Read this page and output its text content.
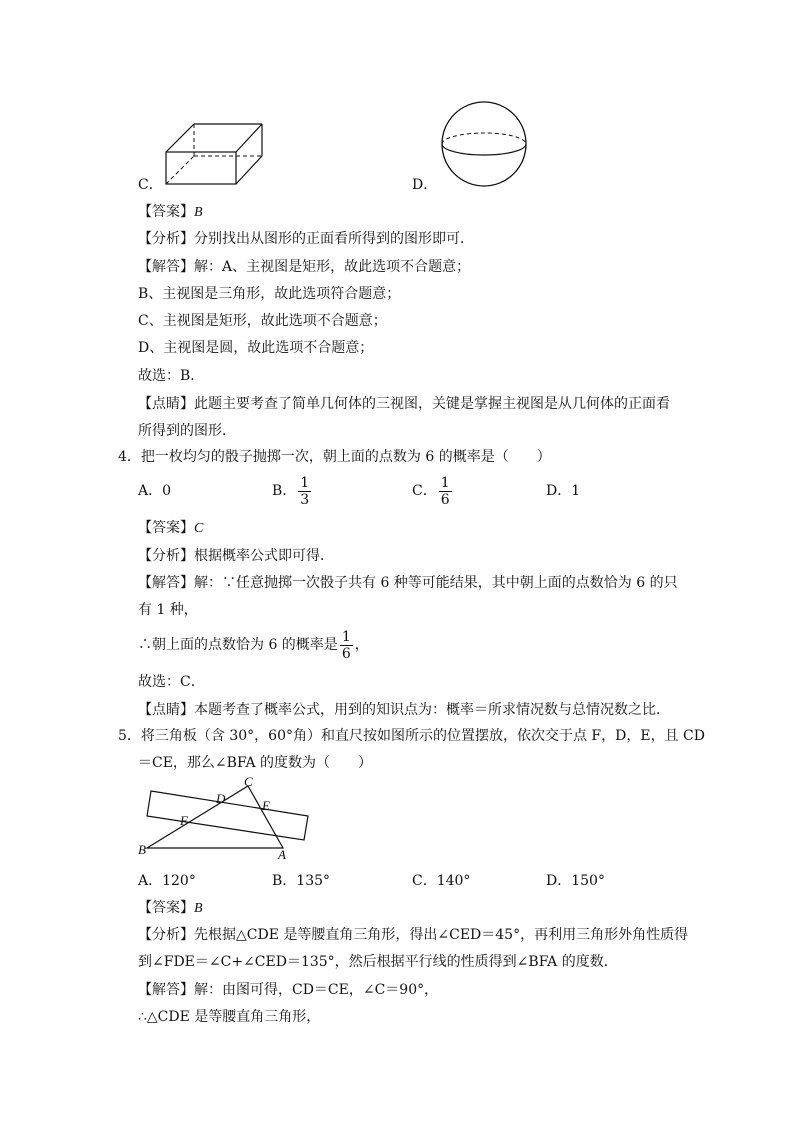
C．	D．
【答案】B
【分析】分别找出从图形的正面看所得到的图形即可．
【解答】解：A、主视图是矩形，故此选项不合题意；
B、主视图是三角形，故此选项符合题意；
C、主视图是矩形，故此选项不合题意；
D、主视图是圆，故此选项不合题意；
故选：B．
【点睛】此题主要考查了简单几何体的三视图，关键是掌握主视图是从几何体的正面看
所得到的图形．
4．把一枚均匀的骰子抛掷一次，朝上面的点数为 6 的概率是（　　）
A．0	B． $\frac{1}{3}$	C． $\frac{1}{6}$	D．1
【答案】C
【分析】根据概率公式即可得．
【解答】解：∵任意抛掷一次骰子共有 6 种等可能结果，其中朝上面的点数恰为 6 的只
有 1 种，
∴朝上面的点数恰为 6 的概率是 $\frac{1}{6}$ ，
故选：C．
【点睛】本题考查了概率公式，用到的知识点为：概率＝所求情况数与总情况数之比．
5．将三角板（含 30°，60°角）和直尺按如图所示的位置摆放，依次交于点 F，D，E，且 CD
＝CE，那么∠BFA 的度数为（　　）
C
D	E
F
B	A
A．120°	B．135°	C．140°	D．150°
【答案】B
【分析】先根据△CDE 是等腰直角三角形，得出∠CED＝45°，再利用三角形外角性质得
到∠FDE＝∠C+∠CED＝135°，然后根据平行线的性质得到∠BFA 的度数．
【解答】解：由图可得，CD＝CE，∠C＝90°，
∴△CDE 是等腰直角三角形，
